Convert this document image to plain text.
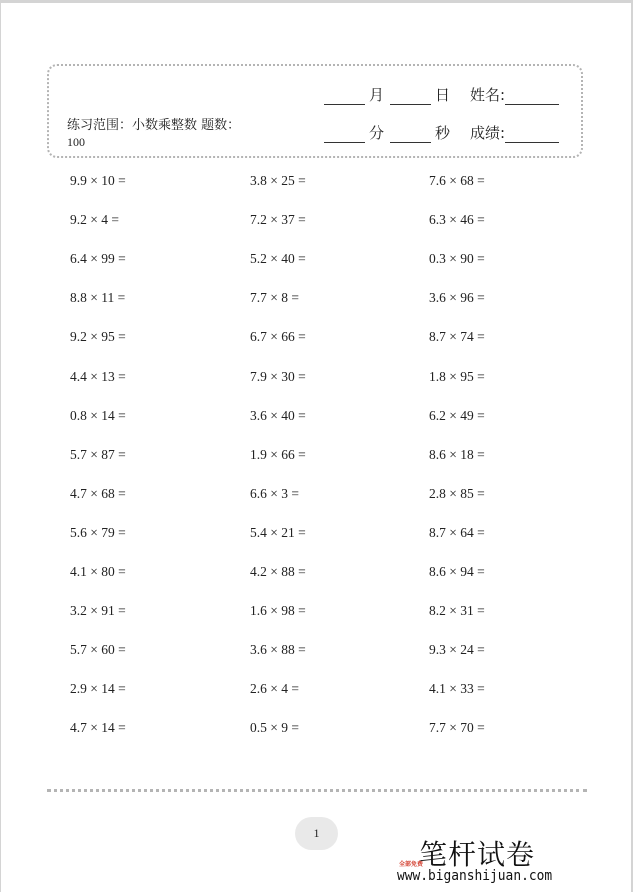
练习范围：小数乘整数 题数：
100
月	日 姓名:
分	秒 成绩:
9.9 × 10 =
9.2 × 4 =
6.4 × 99 =
8.8 × 11 =
9.2 × 95 =
4.4 × 13 =
0.8 × 14 =
5.7 × 87 =
4.7 × 68 =
5.6 × 79 =
4.1 × 80 =
3.2 × 91 =
5.7 × 60 =
2.9 × 14 =
4.7 × 14 =
3.8 × 25 =
7.2 × 37 =
5.2 × 40 =
7.7 × 8 =
6.7 × 66 =
7.9 × 30 =
3.6 × 40 =
1.9 × 66 =
6.6 × 3 =
5.4 × 21 =
4.2 × 88 =
1.6 × 98 =
3.6 × 88 =
2.6 × 4 =
0.5 × 9 =
7.6 × 68 =
6.3 × 46 =
0.3 × 90 =
3.6 × 96 =
8.7 × 74 =
1.8 × 95 =
6.2 × 49 =
8.6 × 18 =
2.8 × 85 =
8.7 × 64 =
8.6 × 94 =
8.2 × 31 =
9.3 × 24 =
4.1 × 33 =
7.7 × 70 =
1
全部免费
笔杆试卷
www.biganshijuan.com
